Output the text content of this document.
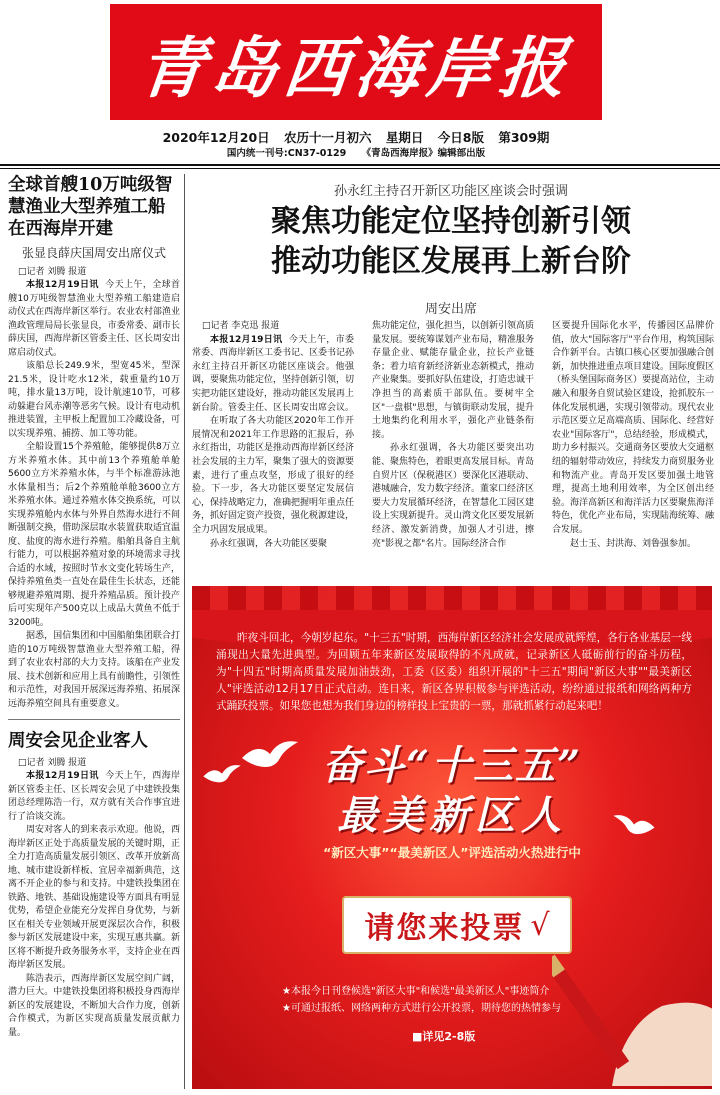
青岛西海岸报
2020年12月20日 农历十一月初六 星期日 今日8版 第309期
国内统一刊号:CN37-0129 《青岛西海岸报》编辑部出版
全球首艘10万吨级智慧渔业大型养殖工船在西海岸开建
张显良薛庆国周安出席仪式
□记者 刘腾 报道

本报12月19日讯 今天上午，全球首艘10万吨级智慧渔业大型养殖工船建造启动仪式在西海岸新区举行。农业农村部渔业渔政管理局局长张显良，市委常委、副市长薛庆国，西海岸新区管委主任、区长周安出席启动仪式。

该船总长249.9米，型宽45米，型深21.5米，设计吃水12米，载重量约10万吨，排水量13万吨，设计航速10节，可移动躲避台风赤潮等恶劣气候。设计有电动机推进装置，主甲板上配置加工冷藏设备，可以实现养殖、捕捞、加工等功能。

全船设置15个养殖舱，能够提供8万立方米养殖水体。其中前13个养殖舱单舱5600立方米养殖水体，与半个标准游泳池水体量相当；后2个养殖舱单舱3600立方米养殖水体。通过养殖水体交换系统，可以实现养殖舱内水体与外界自然海水进行不间断强制交换，借助深层取水装置获取适宜温度、盐度的海水进行养殖。船舶具备自主航行能力，可以根据养殖对象的环境需求寻找合适的水域，按照时节水文变化转场生产，保持养殖鱼类一直处在最佳生长状态，还能够规避养殖周期、提升养殖品质。预计投产后可实现年产500克以上成品大黄鱼不低于3200吨。

据悉，国信集团和中国船舶集团联合打造的10万吨级智慧渔业大型养殖工船，得到了农业农村部的大力支持。该船在产业发展、技术创新和应用上具有前瞻性，引领性和示范性，对我国开展深远海养殖、拓展深远海养殖空间具有重要意义。

周安会见企业客人
□记者 刘腾 报道

本报12月19日讯 今天上午，西海岸新区管委主任、区长周安会见了中建铁投集团总经理陈浩一行，双方就有关合作事宜进行了洽谈交流。

周安对客人的到来表示欢迎。他说，西海岸新区正处于高质量发展的关键时期，正全力打造高质量发展引领区、改革开放新高地、城市建设新样板、宜居幸福新典范，这离不开企业的参与和支持。中建铁投集团在铁路、地铁、基础设施建设等方面具有明显优势，希望企业能充分发挥自身优势，与新区在相关专业领域开展更深层次合作，积极参与新区发展建设中来，实现互惠共赢。新区将不断提升政务服务水平，支持企业在西海岸新区发展。

陈浩表示，西海岸新区发展空间广阔，潜力巨大。中建铁投集团将积极投身西海岸新区的发展建设，不断加大合作力度，创新合作模式，为新区实现高质量发展贡献力量。

孙永红主持召开新区功能区座谈会时强调
聚焦功能定位坚持创新引领
推动功能区发展再上新台阶
周安出席
□记者 李克迅 报道

本报12月19日讯 今天上午，市委常委、西海岸新区工委书记、区委书记孙永红主持召开新区功能区座谈会。他强调，要聚焦功能定位，坚持创新引领，切实把功能区建设好，推动功能区发展再上新台阶。管委主任、区长周安出席会议。

在听取了各大功能区2020年工作开展情况和2021年工作思路的汇报后，孙永红指出，功能区是推动西海岸新区经济社会发展的主力军，聚集了强大的资源要素，进行了重点攻坚，形成了很好的经验。下一步，各大功能区要坚定发展信心，保持战略定力，准确把握明年重点任务，抓好固定资产投资，强化税源建设，全力巩固发展成果。

孙永红强调，各大功能区要聚

焦功能定位，强化担当，以创新引领高质量发展。要统筹谋划产业布局，精准服务存量企业、赋能存量企业，拉长产业链条；着力培育新经济新业态新模式，推动产业聚集。要抓好队伍建设，打造忠诚干净担当的高素质干部队伍。要树牢全区"一盘棋"思想，与镇街联动发展，提升土地集约化利用水平，强化产业链条衔接。

孙永红强调，各大功能区要突出功能、聚焦特色，着眼更高发展目标。青岛自贸片区（保税港区）要深化区港联动、港城融合，发力数字经济。董家口经济区要大力发展循环经济，在智慧化工园区建设上实现新提升。灵山湾文化区要发展新经济、激发新消费，加强人才引进，擦亮"影视之都"名片。国际经济合作

区要提升国际化水平，传播园区品牌价值，放大"国际客厅"平台作用，构筑国际合作新平台。古镇口核心区要加强融合创新，加快推进重点项目建设。国际度假区（桥头堡国际商务区）要提高站位，主动融入和服务自贸试验区建设，抢抓胶东一体化发展机遇，实现引领带动。现代农业示范区要立足高端高质、国际化、经营好农业"国际客厅"，总结经验，形成模式，助力乡村振兴。交通商务区要放大交通枢纽的辐射带动效应，持续发力商贸服务业和物流产业。青岛开发区要加强土地管理，提高土地利用效率，为全区创出经验。海洋高新区和海洋活力区要聚焦海洋特色，优化产业布局，实现陆海统筹、融合发展。

赵士玉、封洪海、刘鲁强参加。

昨夜斗回北，今朝岁起东。"十三五"时期，西海岸新区经济社会发展成就辉煌，各行各业基层一线涌现出大量先进典型。为回顾五年来新区发展取得的不凡成就，记录新区人砥砺前行的奋斗历程，为"十四五"时期高质量发展加油鼓劲，工委（区委）组织开展的"十三五"期间"新区大事""最美新区人"评选活动12月17日正式启动。连日来，新区各界积极参与评选活动，纷纷通过报纸和网络两种方式踊跃投票。如果您也想为我们身边的榜样投上宝贵的一票，那就抓紧行动起来吧！
奋斗“十三五”
最美新区人
“新区大事”“最美新区人”评选活动火热进行中
请您来投票 √
★本报今日刊登候选"新区大事"和候选"最美新区人"事迹简介
★可通过报纸、网络两种方式进行公开投票，期待您的热情参与
■详见2-8版
